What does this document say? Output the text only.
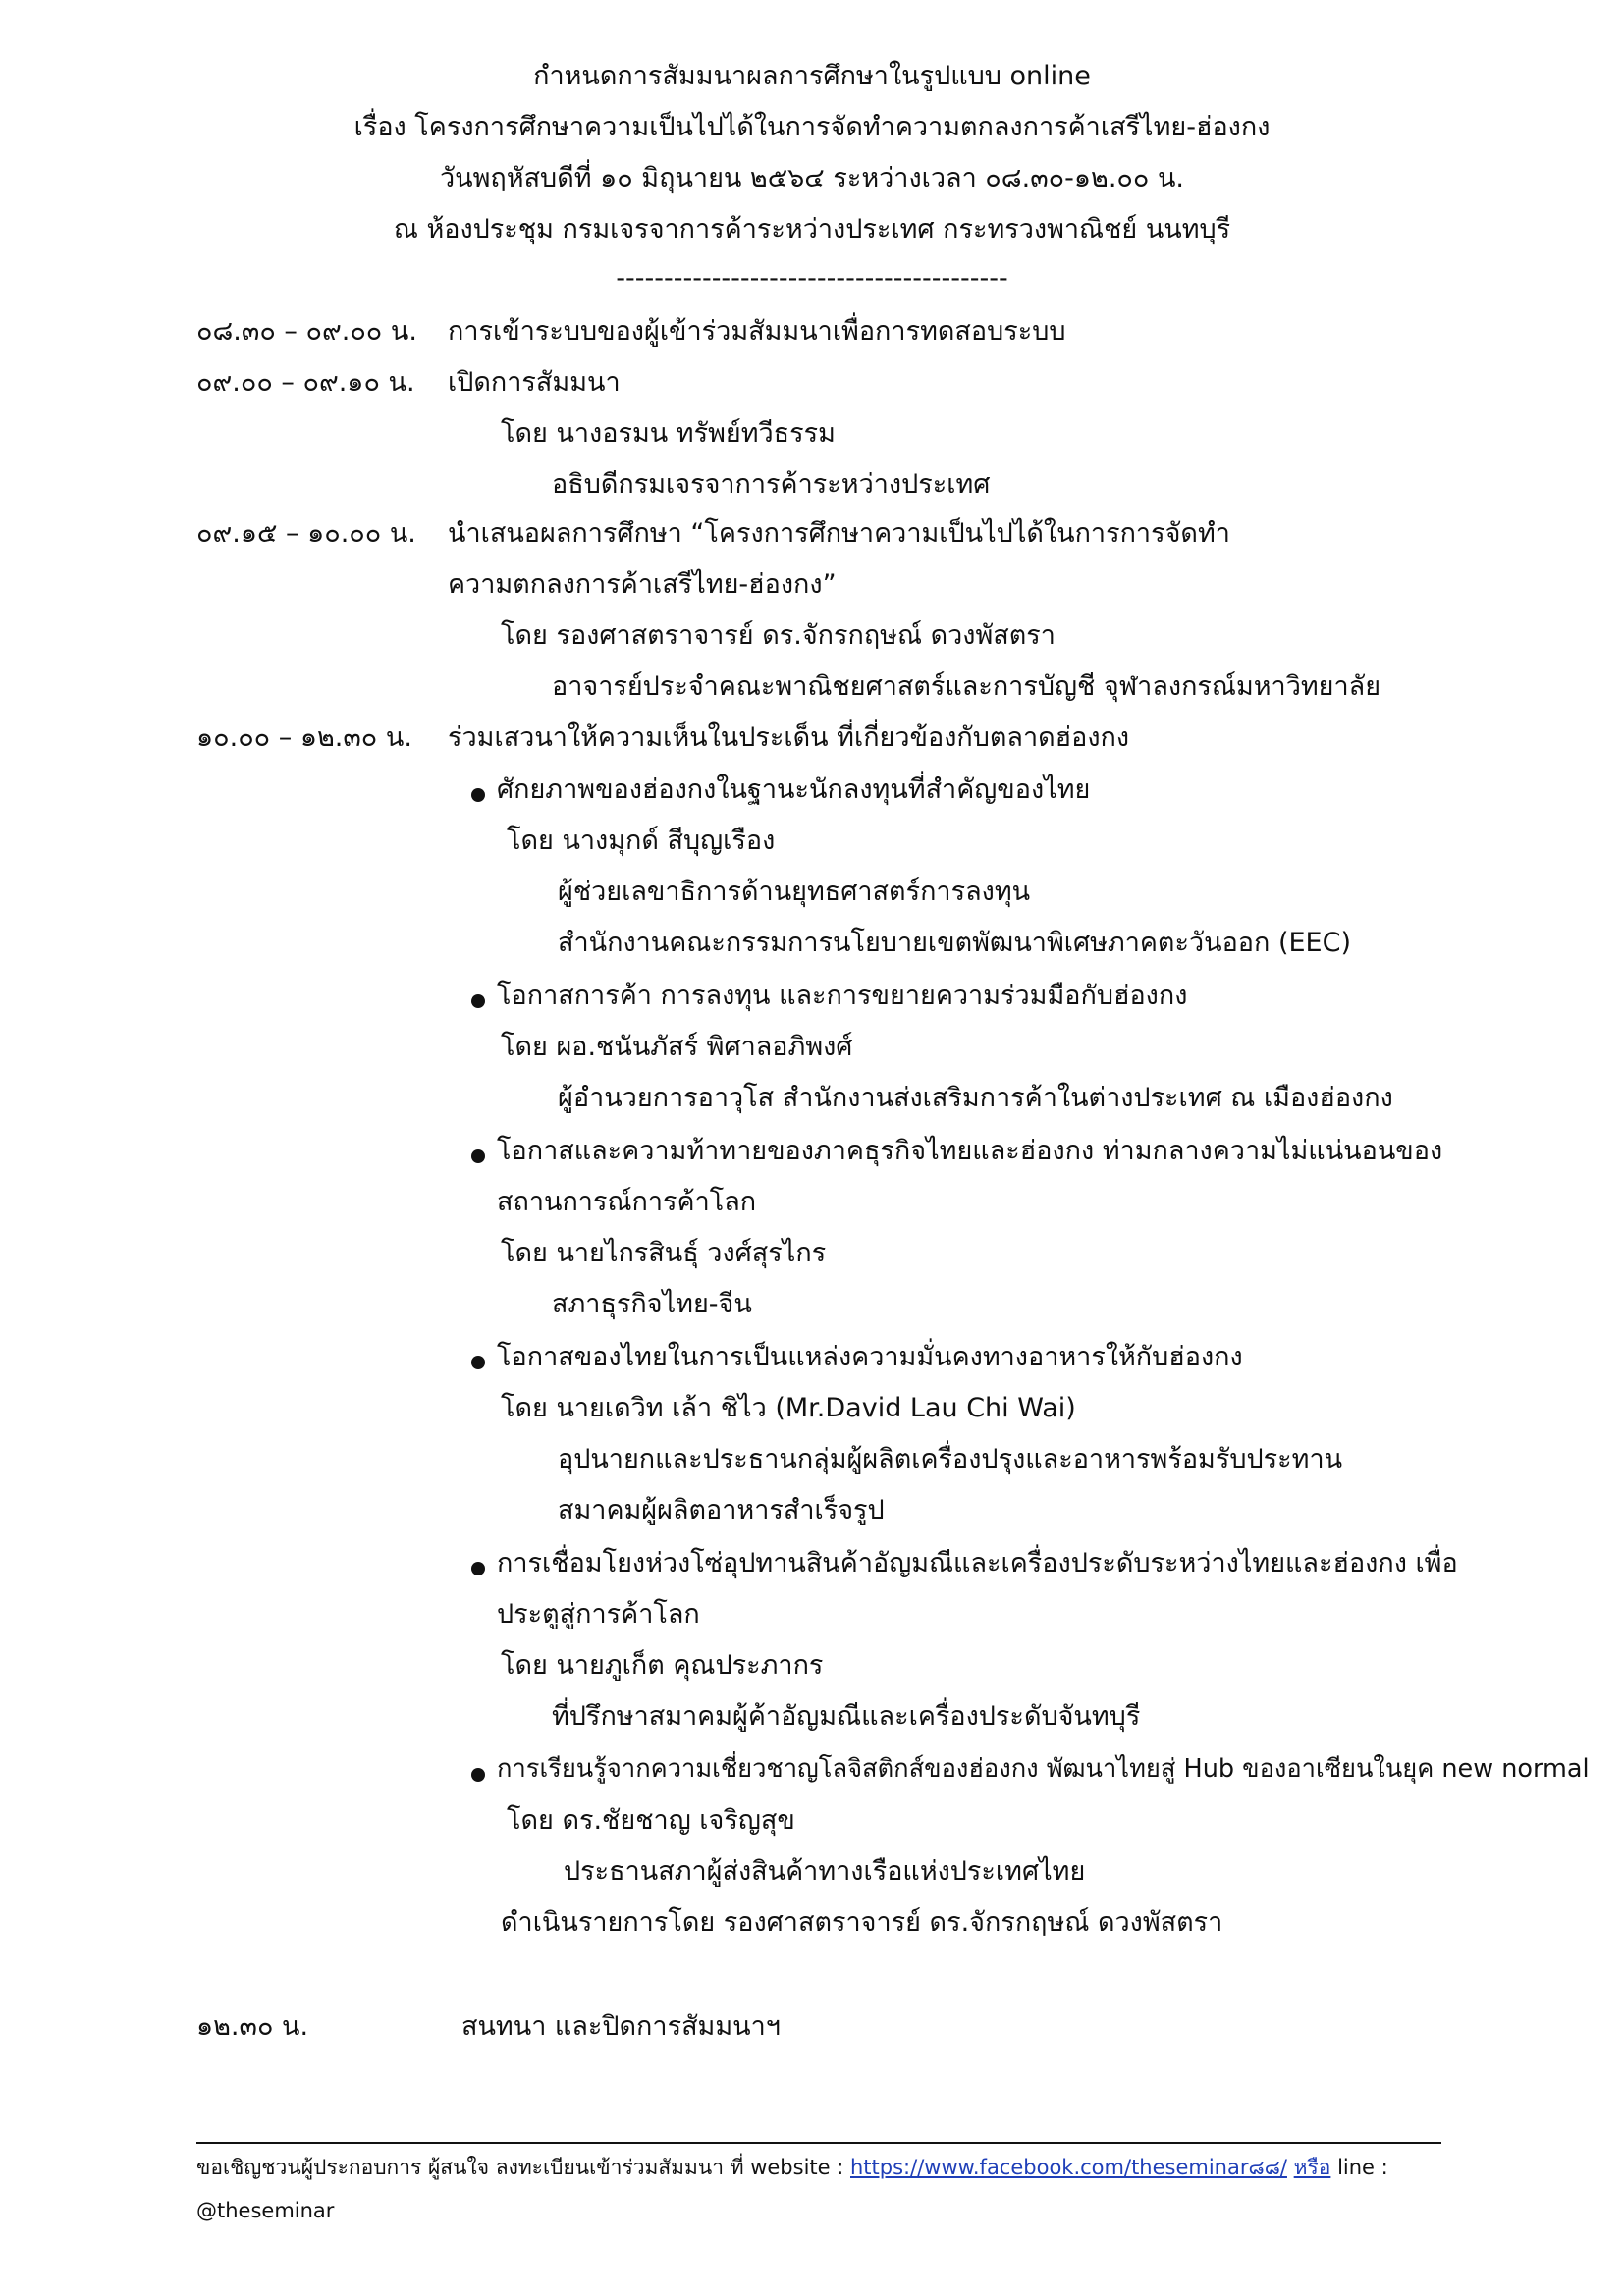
กำหนดการสัมมนาผลการศึกษาในรูปแบบ online
เรื่อง โครงการศึกษาความเป็นไปได้ในการจัดทำความตกลงการค้าเสรีไทย-ฮ่องกง
วันพฤหัสบดีที่ ๑๐ มิถุนายน ๒๕๖๔ ระหว่างเวลา ๐๘.๓๐-๑๒.๐๐ น.
ณ ห้องประชุม กรมเจรจาการค้าระหว่างประเทศ กระทรวงพาณิชย์ นนทบุรี
-----------------------------------------
๐๘.๓๐ – ๐๙.๐๐ น. การเข้าระบบของผู้เข้าร่วมสัมมนาเพื่อการทดสอบระบบ
๐๙.๐๐ – ๐๙.๑๐ น. เปิดการสัมมนา
โดย นางอรมน ทรัพย์ทวีธรรม
อธิบดีกรมเจรจาการค้าระหว่างประเทศ
๐๙.๑๕ – ๑๐.๐๐ น. นำเสนอผลการศึกษา “โครงการศึกษาความเป็นไปได้ในการการจัดทำ
ความตกลงการค้าเสรีไทย-ฮ่องกง”
โดย รองศาสตราจารย์ ดร.จักรกฤษณ์ ดวงพัสตรา
อาจารย์ประจำคณะพาณิชยศาสตร์และการบัญชี จุฬาลงกรณ์มหาวิทยาลัย
๑๐.๐๐ – ๑๒.๓๐ น. ร่วมเสวนาให้ความเห็นในประเด็น ที่เกี่ยวข้องกับตลาดฮ่องกง
ศักยภาพของฮ่องกงในฐานะนักลงทุนที่สำคัญของไทย
โดย นางมุกด์ สีบุญเรือง
ผู้ช่วยเลขาธิการด้านยุทธศาสตร์การลงทุน
สำนักงานคณะกรรมการนโยบายเขตพัฒนาพิเศษภาคตะวันออก (EEC)
โอกาสการค้า การลงทุน และการขยายความร่วมมือกับฮ่องกง
โดย ผอ.ชนันภัสร์ พิศาลอภิพงศ์
ผู้อำนวยการอาวุโส สำนักงานส่งเสริมการค้าในต่างประเทศ ณ เมืองฮ่องกง
โอกาสและความท้าทายของภาคธุรกิจไทยและฮ่องกง ท่ามกลางความไม่แน่นอนของ
สถานการณ์การค้าโลก
โดย นายไกรสินธุ์ วงศ์สุรไกร
สภาธุรกิจไทย-จีน
โอกาสของไทยในการเป็นแหล่งความมั่นคงทางอาหารให้กับฮ่องกง
โดย นายเดวิท เล้า ชิไว (Mr.David Lau Chi Wai)
อุปนายกและประธานกลุ่มผู้ผลิตเครื่องปรุงและอาหารพร้อมรับประทาน
สมาคมผู้ผลิตอาหารสำเร็จรูป
การเชื่อมโยงห่วงโซ่อุปทานสินค้าอัญมณีและเครื่องประดับระหว่างไทยและฮ่องกง เพื่อ
ประตูสู่การค้าโลก
โดย นายภูเก็ต คุณประภากร
ที่ปรึกษาสมาคมผู้ค้าอัญมณีและเครื่องประดับจันทบุรี
การเรียนรู้จากความเชี่ยวชาญโลจิสติกส์ของฮ่องกง พัฒนาไทยสู่ Hub ของอาเซียนในยุค new normal
โดย ดร.ชัยชาญ เจริญสุข
ประธานสภาผู้ส่งสินค้าทางเรือแห่งประเทศไทย
ดำเนินรายการโดย รองศาสตราจารย์ ดร.จักรกฤษณ์ ดวงพัสตรา
๑๒.๓๐ น.	สนทนา และปิดการสัมมนาฯ
ขอเชิญชวนผู้ประกอบการ ผู้สนใจ ลงทะเบียนเข้าร่วมสัมมนา ที่ website : https://www.facebook.com/theseminar๘๘/ หรือ line :
@theseminar
